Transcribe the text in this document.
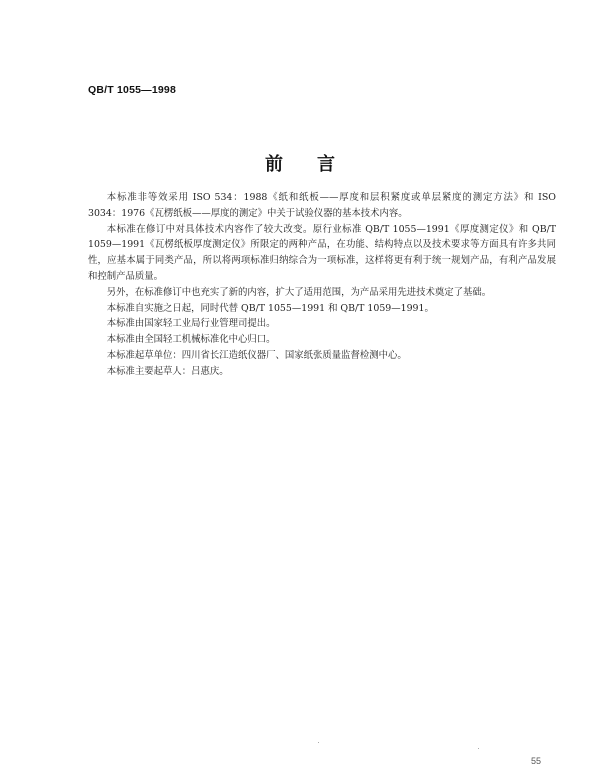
QB/T 1055—1998
前 言

本标准非等效采用 ISO 534：1988《纸和纸板——厚度和层积紧度或单层紧度的测定方法》和 ISO 3034：1976《瓦楞纸板——厚度的测定》中关于试验仪器的基本技术内容。

本标准在修订中对具体技术内容作了较大改变。原行业标准 QB/T 1055—1991《厚度测定仪》和 QB/T 1059—1991《瓦楞纸板厚度测定仪》所限定的两种产品，在功能、结构特点以及技术要求等方面具有许多共同性，应基本属于同类产品，所以将两项标准归纳综合为一项标准，这样将更有利于统一规划产品，有利产品发展和控制产品质量。

另外，在标准修订中也充实了新的内容，扩大了适用范围，为产品采用先进技术奠定了基础。

本标准自实施之日起，同时代替 QB/T 1055—1991 和 QB/T 1059—1991。

本标准由国家轻工业局行业管理司提出。

本标准由全国轻工机械标准化中心归口。

本标准起草单位：四川省长江造纸仪器厂、国家纸张质量监督检测中心。

本标准主要起草人：吕惠庆。

55
